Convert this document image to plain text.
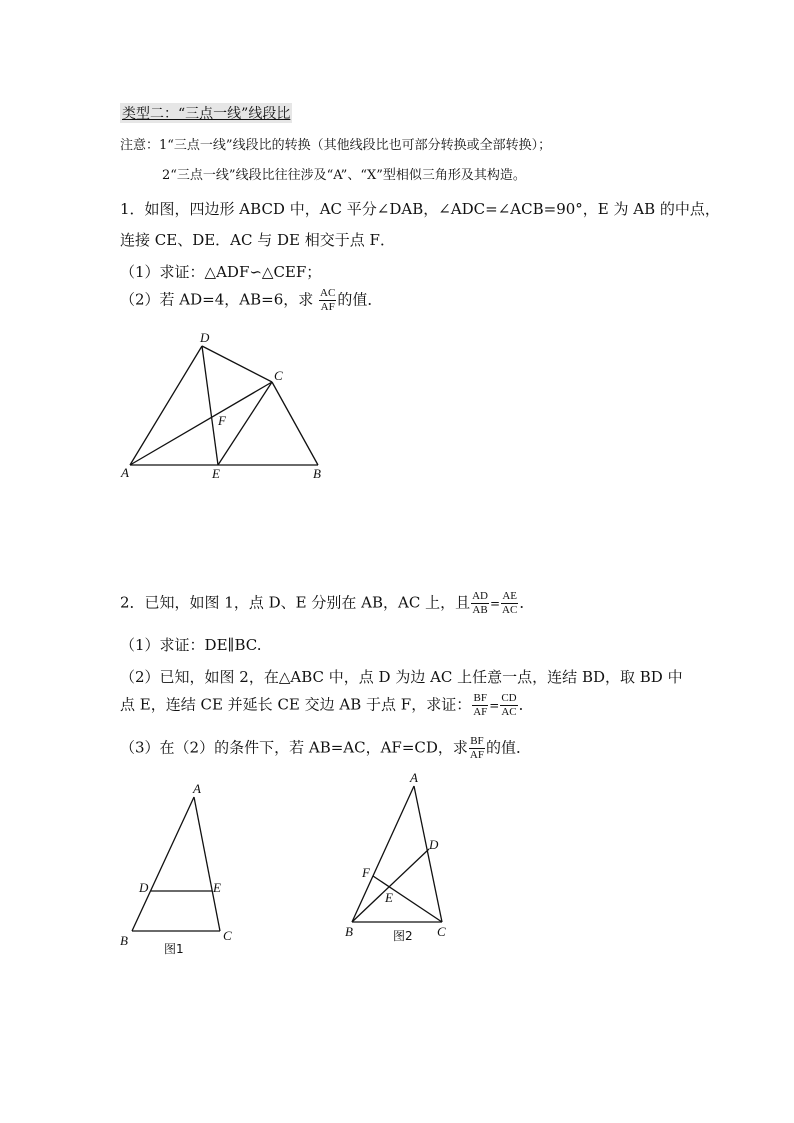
类型二：“三点一线”线段比
注意：1“三点一线”线段比的转换（其他线段比也可部分转换或全部转换）；
2“三点一线”线段比往往涉及“A”、“X”型相似三角形及其构造。
1．如图，四边形 ABCD 中，AC 平分∠DAB，∠ADC=∠ACB=90°，E 为 AB 的中点，
连接 CE、DE．AC 与 DE 相交于点 F．
（1）求证：△ADF∽△CEF；
（2）若 AD=4，AB=6，求 $\frac{AC}{AF}$ 的值．
D
C
F
A	E	B
2．已知，如图 1，点 D、E 分别在 AB，AC 上，且 $\frac{AD}{AB} = \frac{AE}{AC}$ ．
（1）求证：DE∥BC.
（2）已知，如图 2，在△ABC 中，点 D 为边 AC 上任意一点，连结 BD，取 BD 中
点 E，连结 CE 并延长 CE 交边 AB 于点 F，求证： $\frac{BF}{AF} = \frac{CD}{AC}$ ．
（3）在（2）的条件下，若 AB=AC，AF=CD，求 $\frac{BF}{AF}$ 的值．
A
D	E
B	C
图1
A
D
F
E
B	C
图2
